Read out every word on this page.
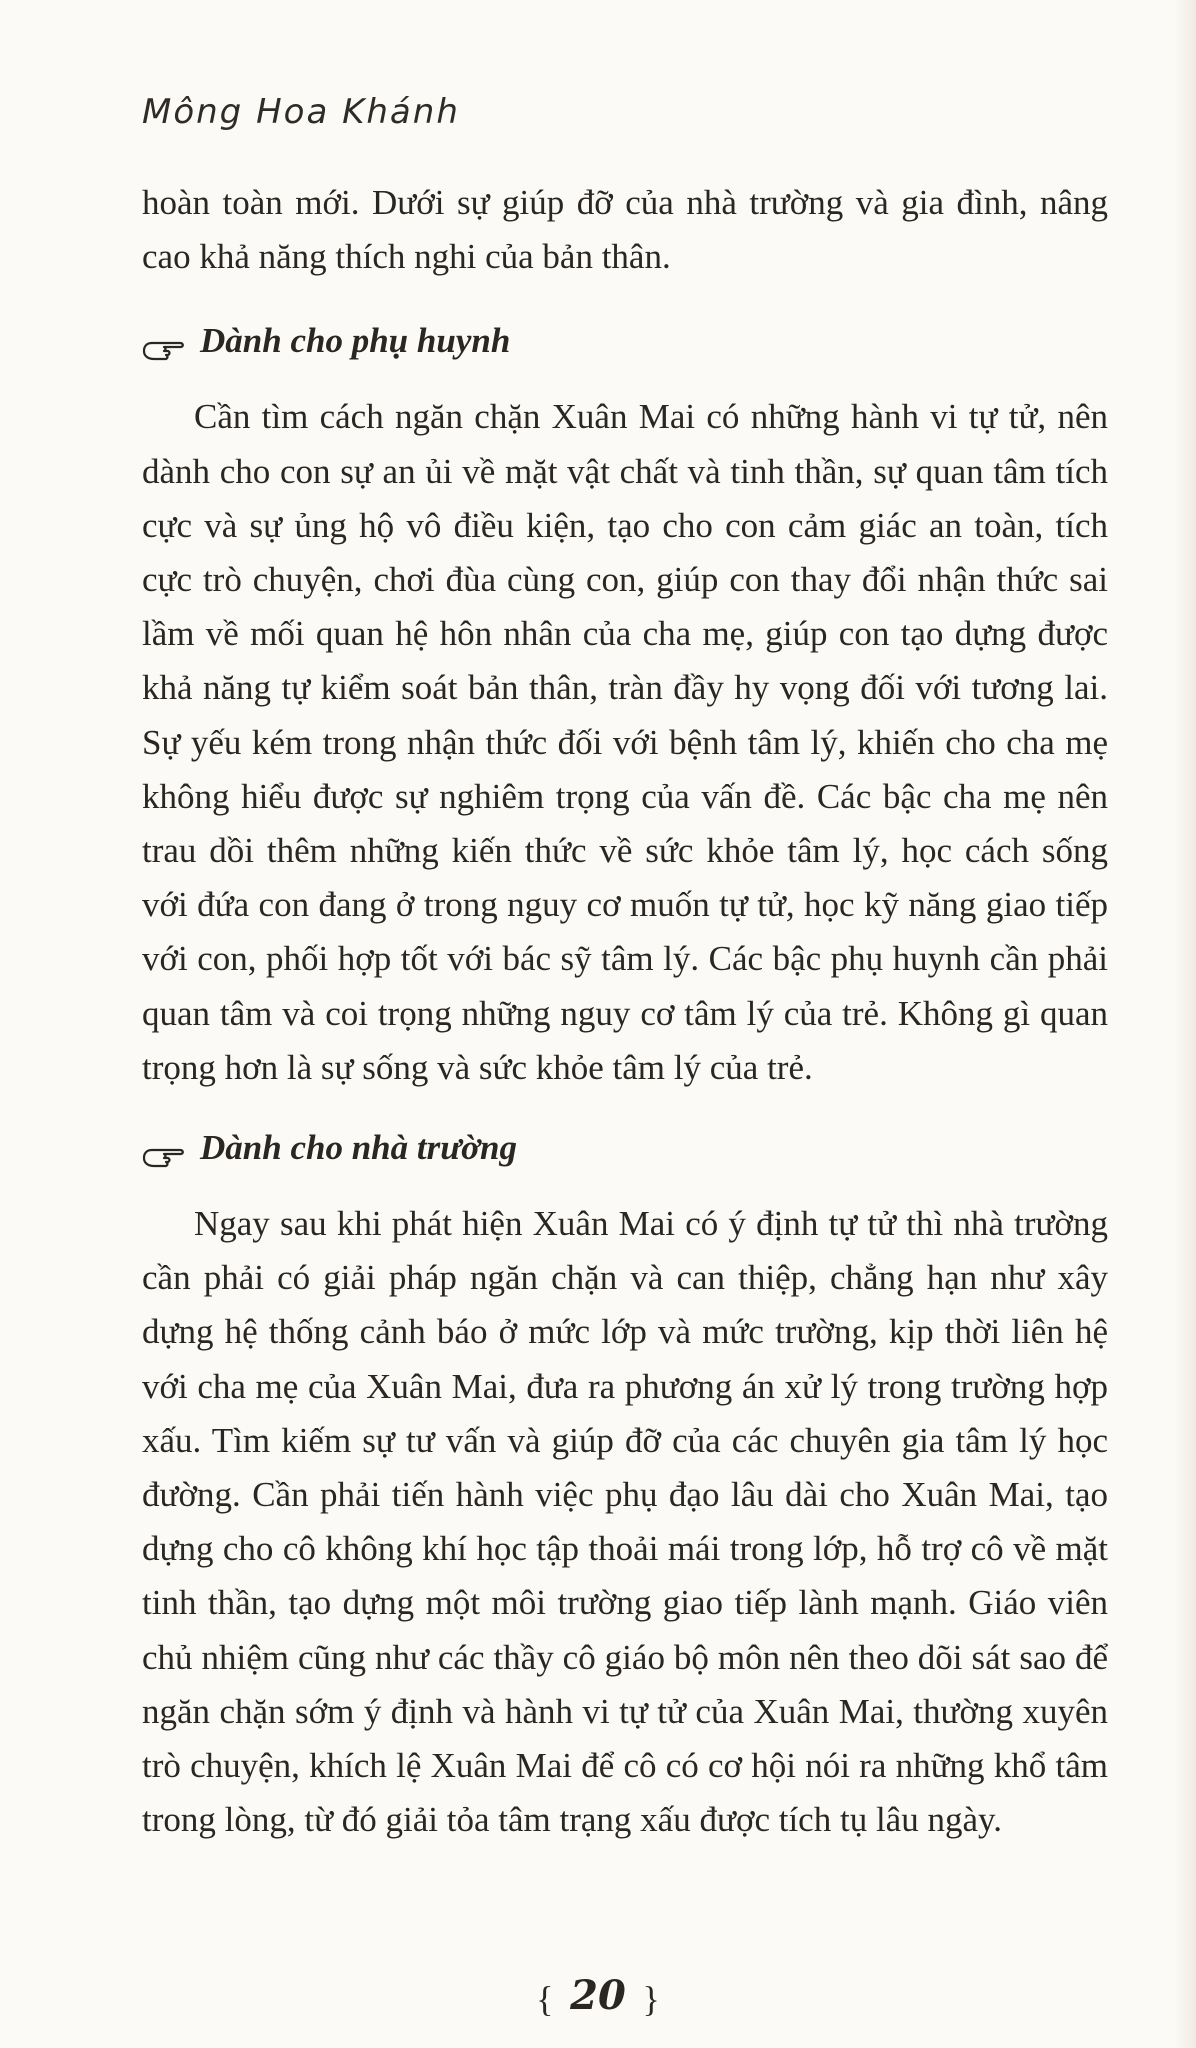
Mông Hoa Khánh

hoàn toàn mới. Dưới sự giúp đỡ của nhà trường và gia đình, nâng cao khả năng thích nghi của bản thân.

Dành cho phụ huynh

Cần tìm cách ngăn chặn Xuân Mai có những hành vi tự tử, nên dành cho con sự an ủi về mặt vật chất và tinh thần, sự quan tâm tích cực và sự ủng hộ vô điều kiện, tạo cho con cảm giác an toàn, tích cực trò chuyện, chơi đùa cùng con, giúp con thay đổi nhận thức sai lầm về mối quan hệ hôn nhân của cha mẹ, giúp con tạo dựng được khả năng tự kiểm soát bản thân, tràn đầy hy vọng đối với tương lai. Sự yếu kém trong nhận thức đối với bệnh tâm lý, khiến cho cha mẹ không hiểu được sự nghiêm trọng của vấn đề. Các bậc cha mẹ nên trau dồi thêm những kiến thức về sức khỏe tâm lý, học cách sống với đứa con đang ở trong nguy cơ muốn tự tử, học kỹ năng giao tiếp với con, phối hợp tốt với bác sỹ tâm lý. Các bậc phụ huynh cần phải quan tâm và coi trọng những nguy cơ tâm lý của trẻ. Không gì quan trọng hơn là sự sống và sức khỏe tâm lý của trẻ.

Dành cho nhà trường

Ngay sau khi phát hiện Xuân Mai có ý định tự tử thì nhà trường cần phải có giải pháp ngăn chặn và can thiệp, chẳng hạn như xây dựng hệ thống cảnh báo ở mức lớp và mức trường, kịp thời liên hệ với cha mẹ của Xuân Mai, đưa ra phương án xử lý trong trường hợp xấu. Tìm kiếm sự tư vấn và giúp đỡ của các chuyên gia tâm lý học đường. Cần phải tiến hành việc phụ đạo lâu dài cho Xuân Mai, tạo dựng cho cô không khí học tập thoải mái trong lớp, hỗ trợ cô về mặt tinh thần, tạo dựng một môi trường giao tiếp lành mạnh. Giáo viên chủ nhiệm cũng như các thầy cô giáo bộ môn nên theo dõi sát sao để ngăn chặn sớm ý định và hành vi tự tử của Xuân Mai, thường xuyên trò chuyện, khích lệ Xuân Mai để cô có cơ hội nói ra những khổ tâm trong lòng, từ đó giải tỏa tâm trạng xấu được tích tụ lâu ngày.

{ 20 }
